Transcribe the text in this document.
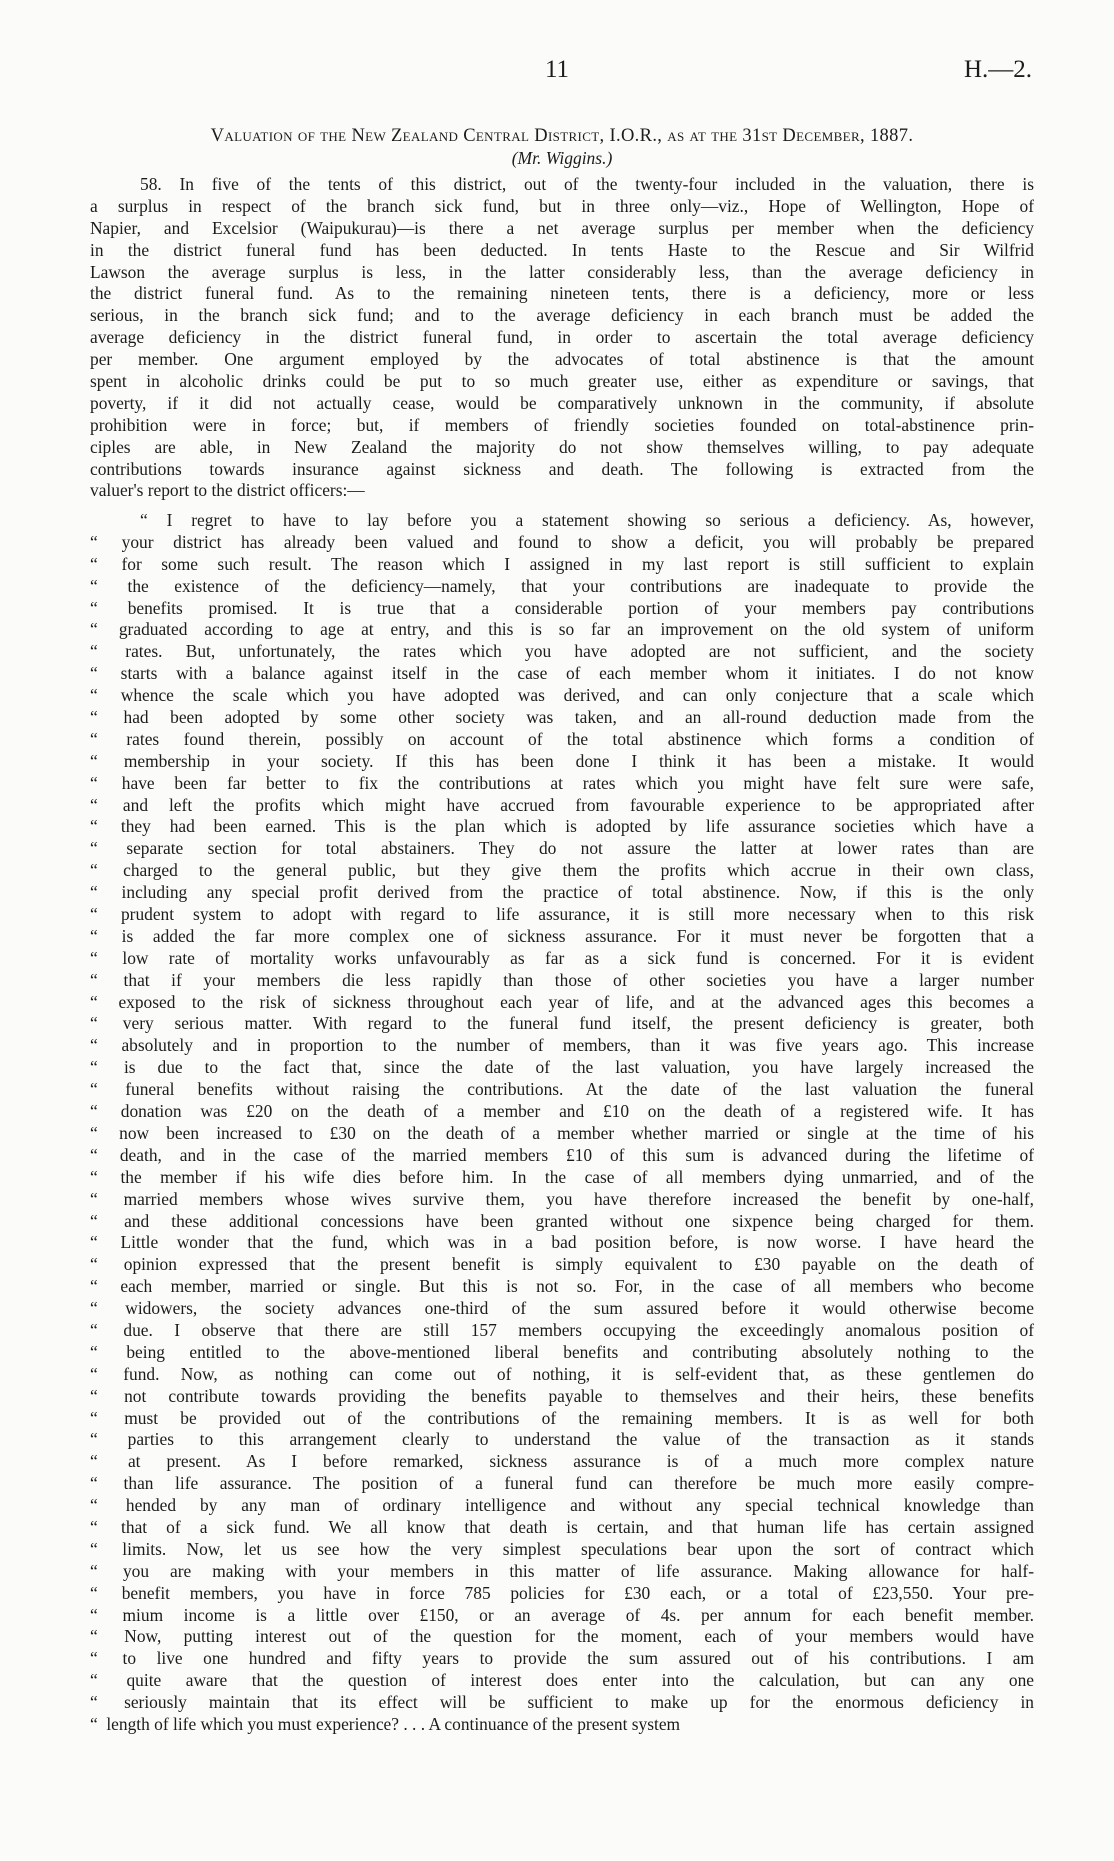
11	H.—2.
Valuation of the New Zealand Central District, I.O.R., as at the 31st December, 1887.
(Mr. Wiggins.)
58. In five of the tents of this district, out of the twenty-four included in the valuation, there is
a surplus in respect of the branch sick fund, but in three only—viz., Hope of Wellington, Hope of
Napier, and Excelsior (Waipukurau)—is there a net average surplus per member when the deficiency
in the district funeral fund has been deducted. In tents Haste to the Rescue and Sir Wilfrid
Lawson the average surplus is less, in the latter considerably less, than the average deficiency in
the district funeral fund. As to the remaining nineteen tents, there is a deficiency, more or less
serious, in the branch sick fund; and to the average deficiency in each branch must be added the
average deficiency in the district funeral fund, in order to ascertain the total average deficiency
per member. One argument employed by the advocates of total abstinence is that the amount
spent in alcoholic drinks could be put to so much greater use, either as expenditure or savings, that
poverty, if it did not actually cease, would be comparatively unknown in the community, if absolute
prohibition were in force; but, if members of friendly societies founded on total-abstinence prin-
ciples are able, in New Zealand the majority do not show themselves willing, to pay adequate
contributions towards insurance against sickness and death. The following is extracted from the
valuer's report to the district officers:—
“ I regret to have to lay before you a statement showing so serious a deficiency. As, however,
“ your district has already been valued and found to show a deficit, you will probably be prepared
“ for some such result. The reason which I assigned in my last report is still sufficient to explain
“ the existence of the deficiency—namely, that your contributions are inadequate to provide the
“ benefits promised. It is true that a considerable portion of your members pay contributions
“ graduated according to age at entry, and this is so far an improvement on the old system of uniform
“ rates. But, unfortunately, the rates which you have adopted are not sufficient, and the society
“ starts with a balance against itself in the case of each member whom it initiates. I do not know
“ whence the scale which you have adopted was derived, and can only conjecture that a scale which
“ had been adopted by some other society was taken, and an all-round deduction made from the
“ rates found therein, possibly on account of the total abstinence which forms a condition of
“ membership in your society. If this has been done I think it has been a mistake. It would
“ have been far better to fix the contributions at rates which you might have felt sure were safe,
“ and left the profits which might have accrued from favourable experience to be appropriated after
“ they had been earned. This is the plan which is adopted by life assurance societies which have a
“ separate section for total abstainers. They do not assure the latter at lower rates than are
“ charged to the general public, but they give them the profits which accrue in their own class,
“ including any special profit derived from the practice of total abstinence. Now, if this is the only
“ prudent system to adopt with regard to life assurance, it is still more necessary when to this risk
“ is added the far more complex one of sickness assurance. For it must never be forgotten that a
“ low rate of mortality works unfavourably as far as a sick fund is concerned. For it is evident
“ that if your members die less rapidly than those of other societies you have a larger number
“ exposed to the risk of sickness throughout each year of life, and at the advanced ages this becomes a
“ very serious matter. With regard to the funeral fund itself, the present deficiency is greater, both
“ absolutely and in proportion to the number of members, than it was five years ago. This increase
“ is due to the fact that, since the date of the last valuation, you have largely increased the
“ funeral benefits without raising the contributions. At the date of the last valuation the funeral
“ donation was £20 on the death of a member and £10 on the death of a registered wife. It has
“ now been increased to £30 on the death of a member whether married or single at the time of his
“ death, and in the case of the married members £10 of this sum is advanced during the lifetime of
“ the member if his wife dies before him. In the case of all members dying unmarried, and of the
“ married members whose wives survive them, you have therefore increased the benefit by one-half,
“ and these additional concessions have been granted without one sixpence being charged for them.
“ Little wonder that the fund, which was in a bad position before, is now worse. I have heard the
“ opinion expressed that the present benefit is simply equivalent to £30 payable on the death of
“ each member, married or single. But this is not so. For, in the case of all members who become
“ widowers, the society advances one-third of the sum assured before it would otherwise become
“ due. I observe that there are still 157 members occupying the exceedingly anomalous position of
“ being entitled to the above-mentioned liberal benefits and contributing absolutely nothing to the
“ fund. Now, as nothing can come out of nothing, it is self-evident that, as these gentlemen do
“ not contribute towards providing the benefits payable to themselves and their heirs, these benefits
“ must be provided out of the contributions of the remaining members. It is as well for both
“ parties to this arrangement clearly to understand the value of the transaction as it stands
“ at present. As I before remarked, sickness assurance is of a much more complex nature
“ than life assurance. The position of a funeral fund can therefore be much more easily compre-
“ hended by any man of ordinary intelligence and without any special technical knowledge than
“ that of a sick fund. We all know that death is certain, and that human life has certain assigned
“ limits. Now, let us see how the very simplest speculations bear upon the sort of contract which
“ you are making with your members in this matter of life assurance. Making allowance for half-
“ benefit members, you have in force 785 policies for £30 each, or a total of £23,550. Your pre-
“ mium income is a little over £150, or an average of 4s. per annum for each benefit member.
“ Now, putting interest out of the question for the moment, each of your members would have
“ to live one hundred and fifty years to provide the sum assured out of his contributions. I am
“ quite aware that the question of interest does enter into the calculation, but can any one
“ seriously maintain that its effect will be sufficient to make up for the enormous deficiency in
“ length of life which you must experience? . . . A continuance of the present system
